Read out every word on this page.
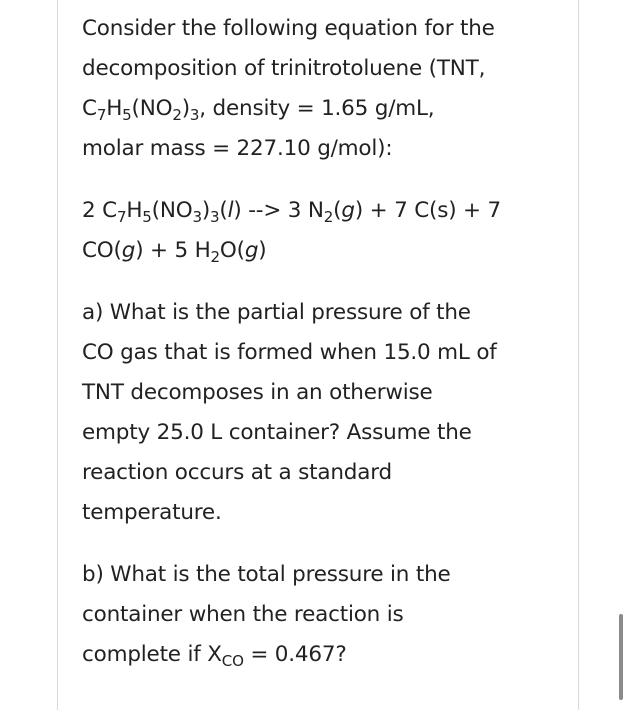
Consider the following equation for the
decomposition of trinitrotoluene (TNT,
$C_7H_5(NO_2)_3$, density = 1.65 g/mL,
molar mass = 227.10 g/mol):
2 $C_7H_5(NO_3)_3(l)$ --> 3 $N_2(g) + 7$ C(s) + 7
CO(g) + 5 $H_2O(g)$
a) What is the partial pressure of the
CO gas that is formed when 15.0 mL of
TNT decomposes in an otherwise
empty 25.0 L container? Assume the
reaction occurs at a standard
temperature.
b) What is the total pressure in the
container when the reaction is
complete if $X_{CO} = 0.467$?
